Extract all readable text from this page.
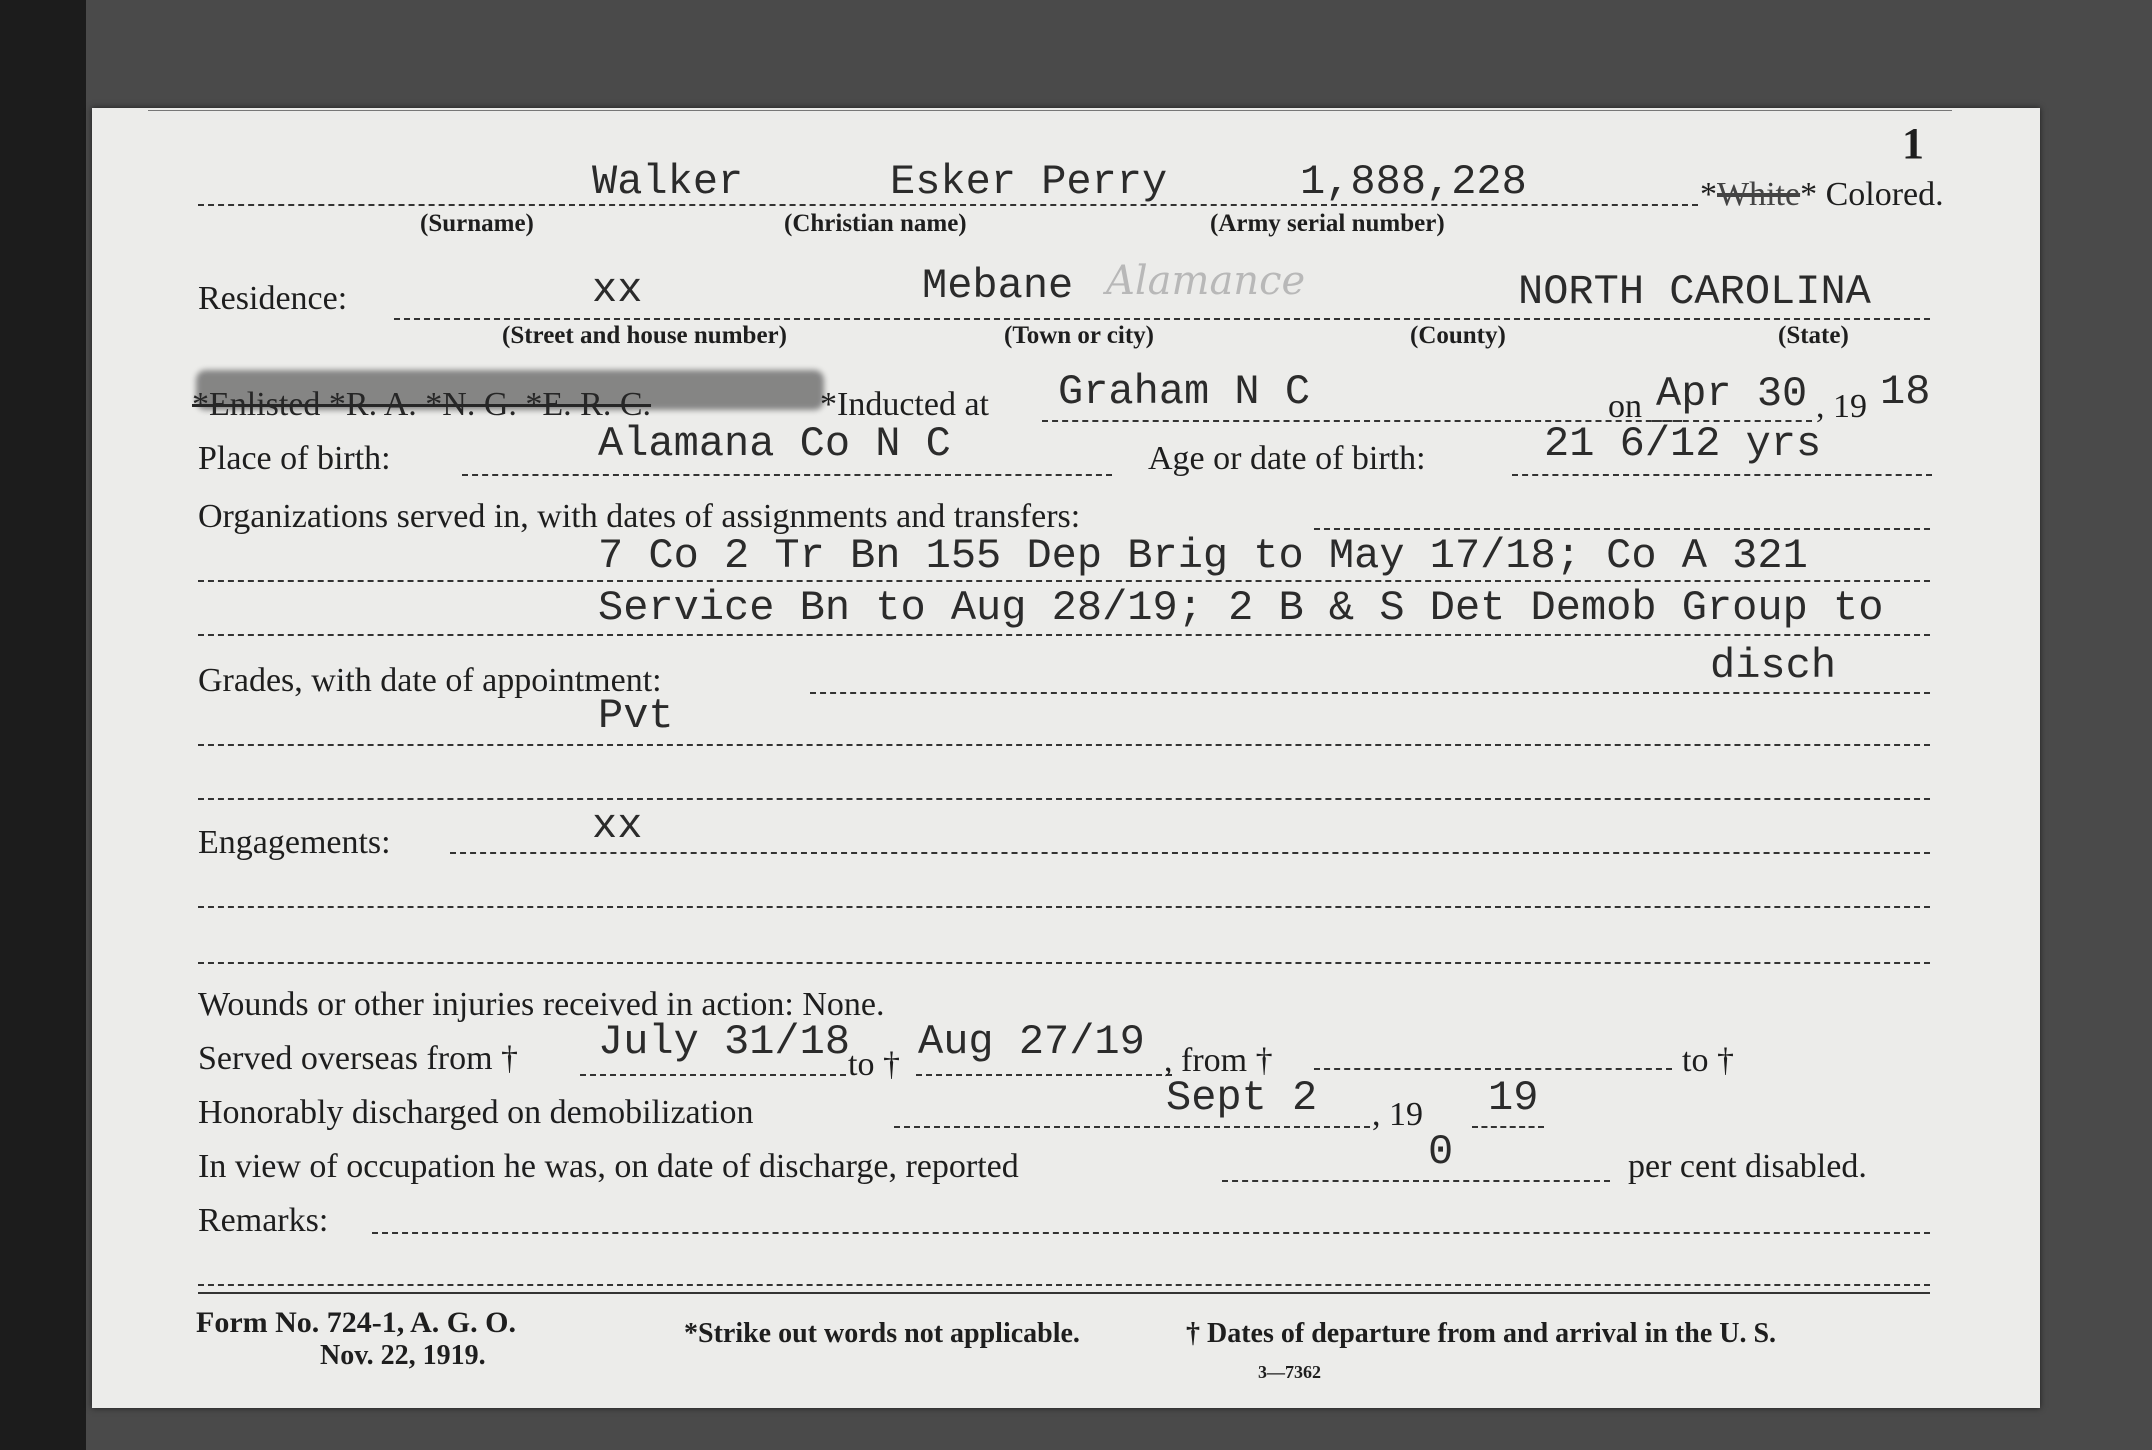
1
Walker	Esker Perry	1,888,228	*White* Colored.
(Surname)	(Christian name)	(Army serial number)
Residence:	xx	Mebane Alamance	NORTH CAROLINA
(Street and house number)	(Town or city)	(County)	(State)
*Enlisted *R. A. *N. G. *E. R. C.	*Inducted at Graham N C	on Apr 30 , 19 18
Place of birth:	Alamana Co N C	Age or date of birth:	21 6/12 yrs
Organizations served in, with dates of assignments and transfers:
7 Co 2 Tr Bn 155 Dep Brig to May 17/18; Co A 321
Service Bn to Aug 28/19; 2 B & S Det Demob Group to
Grades, with date of appointment:	disch
Pvt
Engagements:	xx
Wounds or other injuries received in action: None.
Served overseas from † July 31/18
to † Aug 27/19 , from †	to †
Honorably discharged on demobilization	Sept 2 , 19 19
In view of occupation he was, on date of discharge, reported	0	per cent disabled.
Remarks:
Form No. 724-1, A. G. O.
Nov. 22, 1919.
*Strike out words not applicable.	† Dates of departure from and arrival in the U. S.
3—7362
